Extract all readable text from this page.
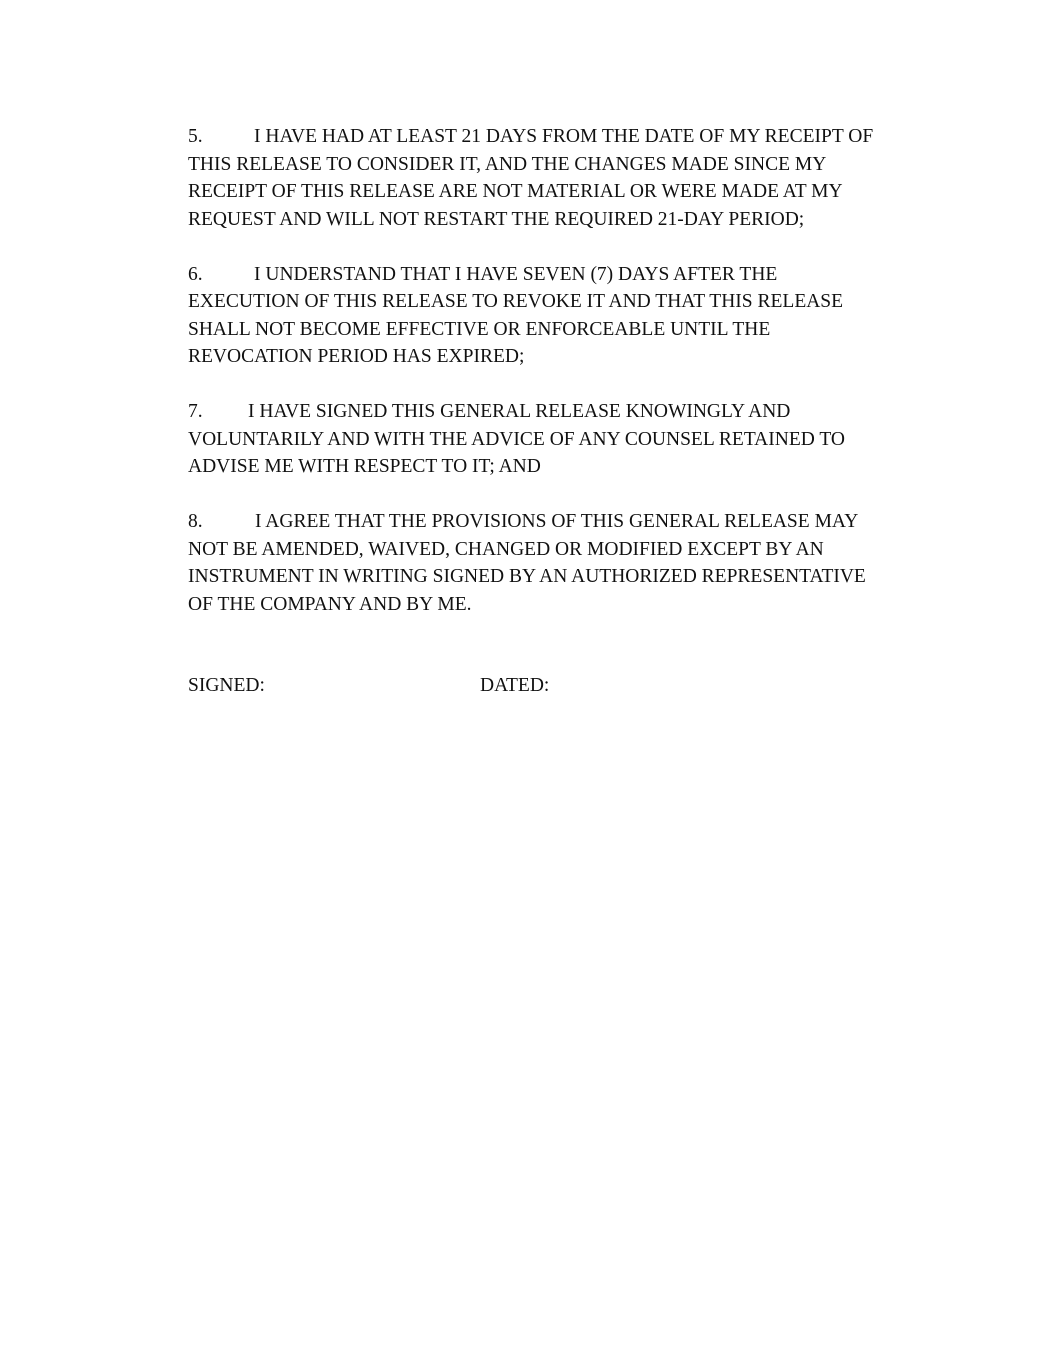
5.	I HAVE HAD AT LEAST 21 DAYS FROM THE DATE OF MY RECEIPT OF
THIS RELEASE TO CONSIDER IT, AND THE CHANGES MADE SINCE MY
RECEIPT OF THIS RELEASE ARE NOT MATERIAL OR WERE MADE AT MY
REQUEST AND WILL NOT RESTART THE REQUIRED 21-DAY PERIOD;

6.	I UNDERSTAND THAT I HAVE SEVEN (7) DAYS AFTER THE
EXECUTION OF THIS RELEASE TO REVOKE IT AND THAT THIS RELEASE
SHALL NOT BECOME EFFECTIVE OR ENFORCEABLE UNTIL THE
REVOCATION PERIOD HAS EXPIRED;

7. I HAVE SIGNED THIS GENERAL RELEASE KNOWINGLY AND
VOLUNTARILY AND WITH THE ADVICE OF ANY COUNSEL RETAINED TO
ADVISE ME WITH RESPECT TO IT; AND

8.	I AGREE THAT THE PROVISIONS OF THIS GENERAL RELEASE MAY
NOT BE AMENDED, WAIVED, CHANGED OR MODIFIED EXCEPT BY AN
INSTRUMENT IN WRITING SIGNED BY AN AUTHORIZED REPRESENTATIVE
OF THE COMPANY AND BY ME.

SIGNED:	DATED:
